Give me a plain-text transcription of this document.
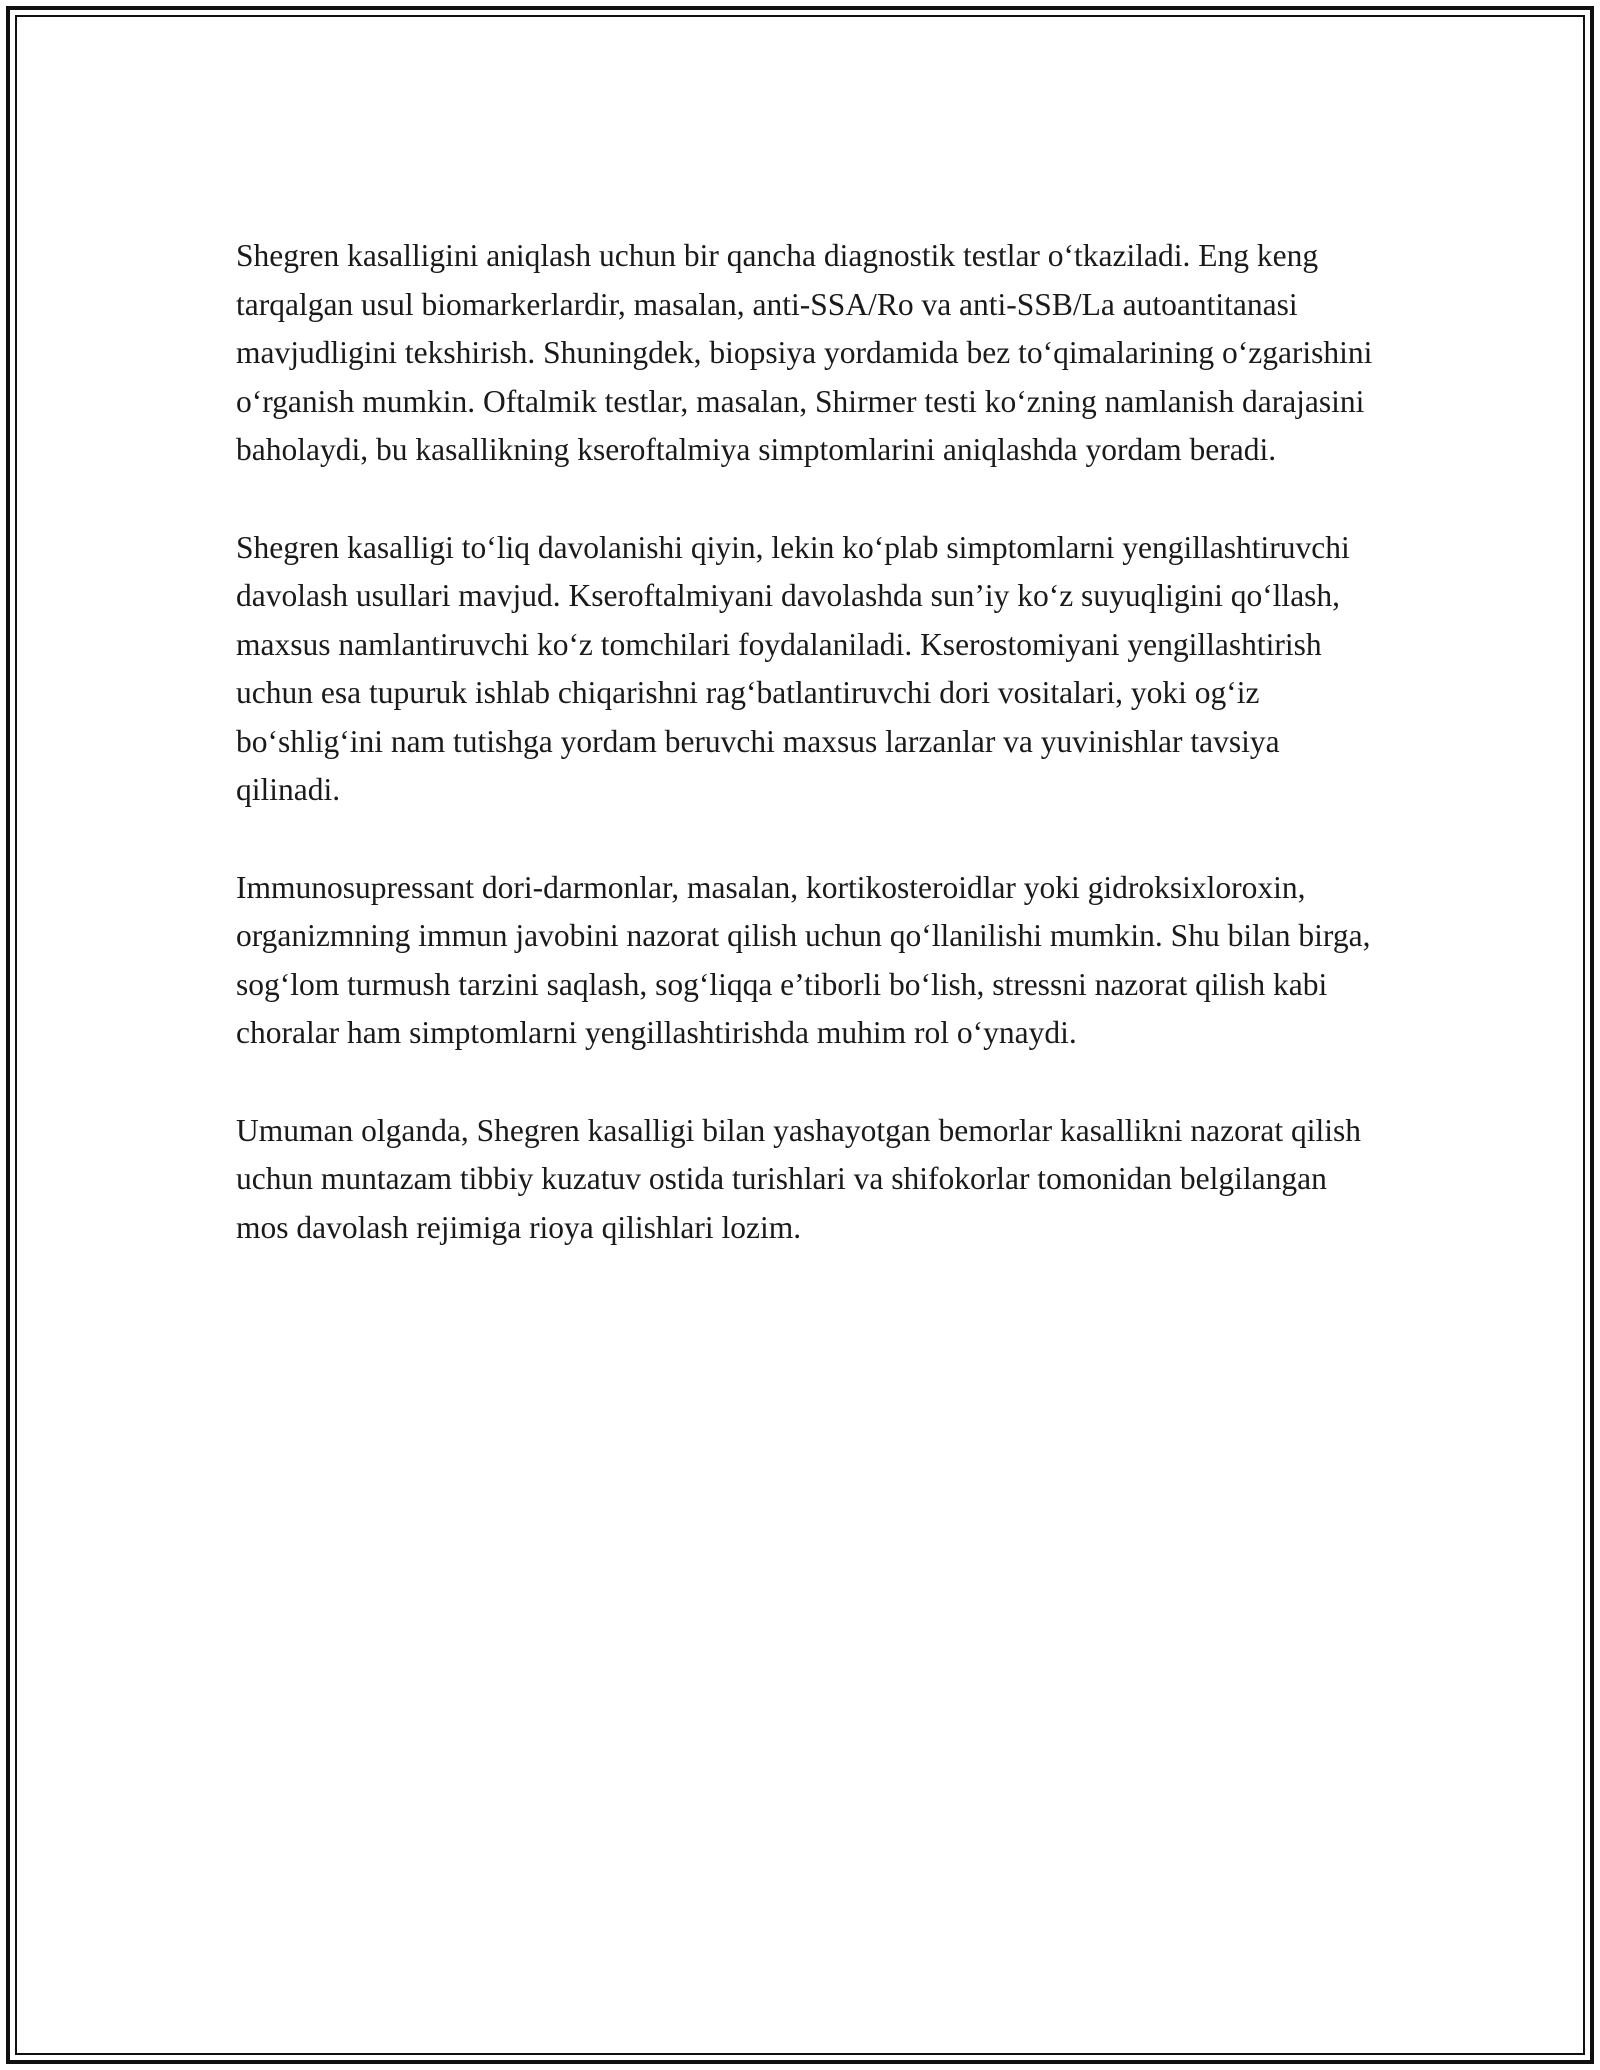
Shegren kasalligini aniqlash uchun bir qancha diagnostik testlar o‘tkaziladi. Eng keng tarqalgan usul biomarkerlardir, masalan, anti-SSA/Ro va anti-SSB/La autoantitanasi mavjudligini tekshirish. Shuningdek, biopsiya yordamida bez to‘qimalarining o‘zgarishini o‘rganish mumkin. Oftalmik testlar, masalan, Shirmer testi ko‘zning namlanish darajasini baholaydi, bu kasallikning kseroftalmiya simptomlarini aniqlashda yordam beradi.

Shegren kasalligi to‘liq davolanishi qiyin, lekin ko‘plab simptomlarni yengillashtiruvchi davolash usullari mavjud. Kseroftalmiyani davolashda sun’iy ko‘z suyuqligini qo‘llash, maxsus namlantiruvchi ko‘z tomchilari foydalaniladi. Kserostomiyani yengillashtirish uchun esa tupuruk ishlab chiqarishni rag‘batlantiruvchi dori vositalari, yoki og‘iz bo‘shlig‘ini nam tutishga yordam beruvchi maxsus larzanlar va yuvinishlar tavsiya qilinadi.

Immunosupressant dori-darmonlar, masalan, kortikosteroidlar yoki gidroksixloroxin, organizmning immun javobini nazorat qilish uchun qo‘llanilishi mumkin. Shu bilan birga, sog‘lom turmush tarzini saqlash, sog‘liqqa e’tiborli bo‘lish, stressni nazorat qilish kabi choralar ham simptomlarni yengillashtirishda muhim rol o‘ynaydi.

Umuman olganda, Shegren kasalligi bilan yashayotgan bemorlar kasallikni nazorat qilish uchun muntazam tibbiy kuzatuv ostida turishlari va shifokorlar tomonidan belgilangan mos davolash rejimiga rioya qilishlari lozim.
